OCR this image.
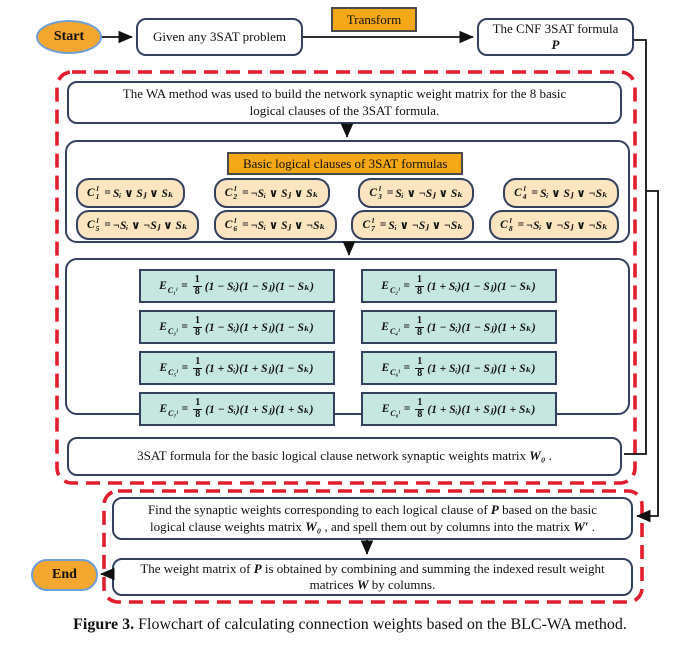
Start	Given any 3SAT problem
Transform
The CNF 3SAT formula P
The WA method was used to build the network synaptic weight matrix for the 8 basic logical clauses of the 3SAT formula.
Basic logical clauses of 3SAT formulas
C l
1 = Sᵢ ∨ Sⱼ ∨ Sₖ	C l
2 = ¬Sᵢ ∨ Sⱼ ∨ Sₖ	C l
3 = Sᵢ ∨ ¬Sⱼ ∨ Sₖ	C l
4 = Sᵢ ∨ Sⱼ ∨ ¬Sₖ
C l
5 = ¬Sᵢ ∨ ¬Sⱼ ∨ Sₖ	C l
6 = ¬Sᵢ ∨ Sⱼ ∨ ¬Sₖ	C l
7 = Sᵢ ∨ ¬Sⱼ ∨ ¬Sₖ	C l
8 = ¬Sᵢ ∨ ¬Sⱼ ∨ ¬Sₖ
E C₁ˡ = $\frac{1}{8} (1$ − Sᵢ)(1 − Sⱼ)(1 − Sₖ)	E C₂ˡ = $\frac{1}{8} (1$ + Sᵢ)(1 − Sⱼ)(1 − Sₖ)
E C₃ˡ = $\frac{1}{8} (1$ − Sᵢ)(1 + Sⱼ)(1 − Sₖ)	E C₄ˡ = $\frac{1}{8} (1$ − Sᵢ)(1 − Sⱼ)(1 + Sₖ)
E C₅ˡ = $\frac{1}{8} (1$ + Sᵢ)(1 + Sⱼ)(1 − Sₖ)	E C₆ˡ = $\frac{1}{8} (1$ + Sᵢ)(1 − Sⱼ)(1 + Sₖ)
E C₇ˡ = $\frac{1}{8} (1$ − Sᵢ)(1 + Sⱼ)(1 + Sₖ)	E C₈ˡ = $\frac{1}{8} (1$ + Sᵢ)(1 + Sⱼ)(1 + Sₖ)
3SAT formula for the basic logical clause network synaptic weights matrix W₀ .
Find the synaptic weights corresponding to each logical clause of P based on the basic logical clause weights matrix W₀ , and spell them out by columns into the matrix W′ .
The weight matrix of P is obtained by combining and summing the indexed result weight matrices W by columns.
End
Figure 3. Flowchart of calculating connection weights based on the BLC-WA method.
